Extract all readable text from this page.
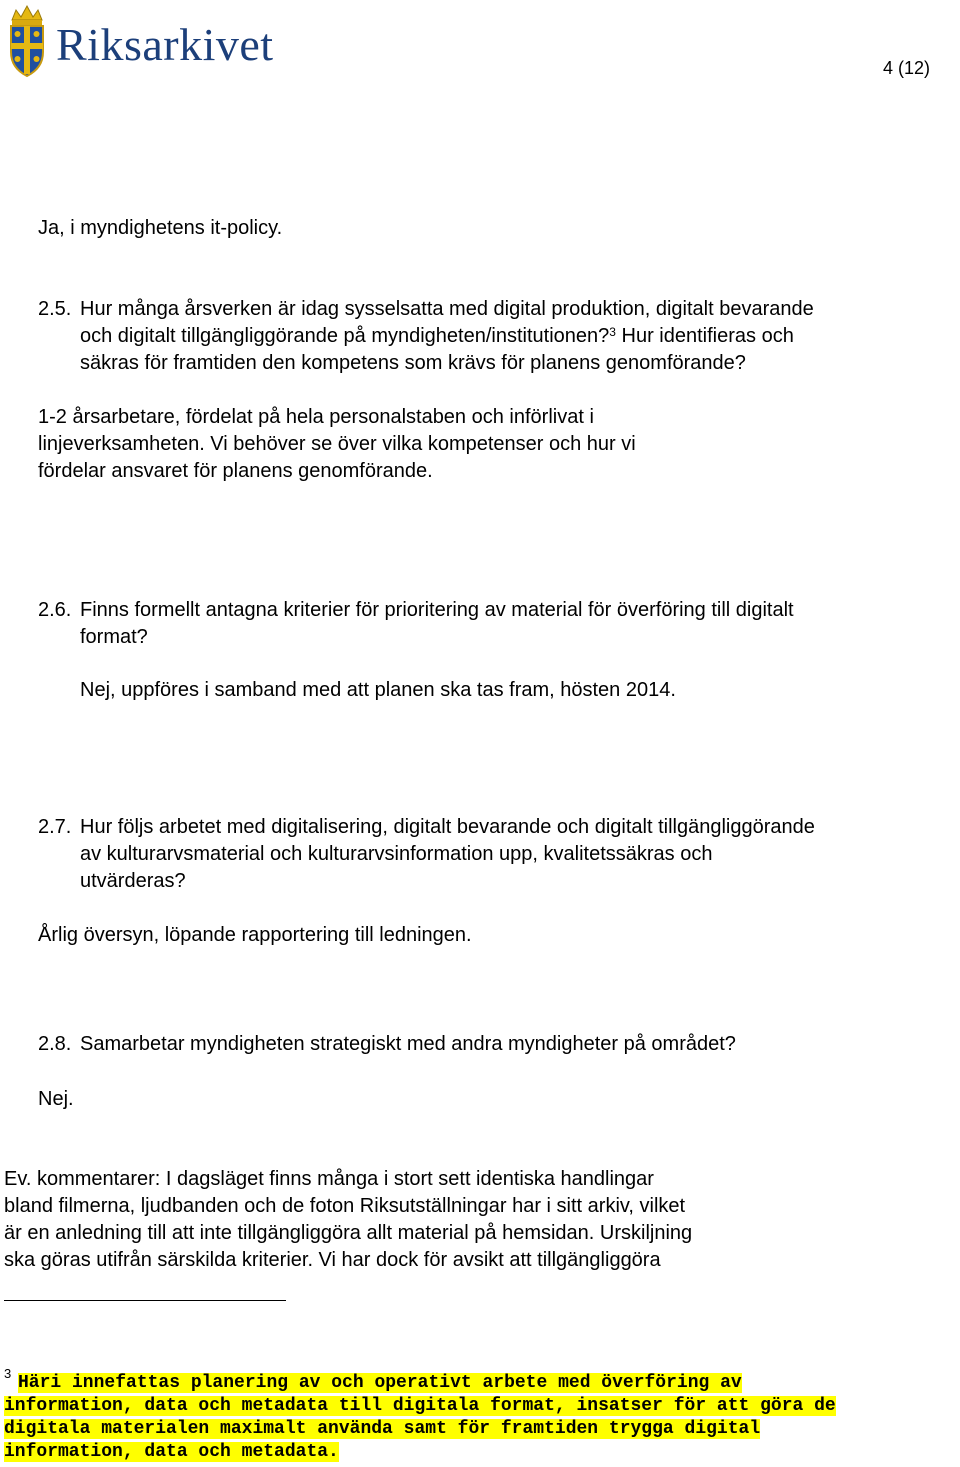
Riksarkivet	4 (12)
Ja, i myndighetens it-policy.
2.5. Hur många årsverken är idag sysselsatta med digital produktion, digitalt bevarande
och digitalt tillgängliggörande på myndigheten/institutionen?$^3$ Hur identifieras och
säkras för framtiden den kompetens som krävs för planens genomförande?
1-2 årsarbetare, fördelat på hela personalstaben och införlivat i
linjeverksamheten. Vi behöver se över vilka kompetenser och hur vi
fördelar ansvaret för planens genomförande.
2.6. Finns formellt antagna kriterier för prioritering av material för överföring till digitalt
format?
Nej, uppföres i samband med att planen ska tas fram, hösten 2014.
2.7. Hur följs arbetet med digitalisering, digitalt bevarande och digitalt tillgängliggörande
av kulturarvsmaterial och kulturarvsinformation upp, kvalitetssäkras och
utvärderas?
Årlig översyn, löpande rapportering till ledningen.
2.8. Samarbetar myndigheten strategiskt med andra myndigheter på området?
Nej.
Ev. kommentarer: I dagsläget finns många i stort sett identiska handlingar
bland filmerna, ljudbanden och de foton Riksutställningar har i sitt arkiv, vilket
är en anledning till att inte tillgängliggöra allt material på hemsidan. Urskiljning
ska göras utifrån särskilda kriterier. Vi har dock för avsikt att tillgängliggöra
3 Häri innefattas planering av och operativt arbete med överföring av
information, data och metadata till digitala format, insatser för att göra de
digitala materialen maximalt använda samt för framtiden trygga digital
information, data och metadata.
